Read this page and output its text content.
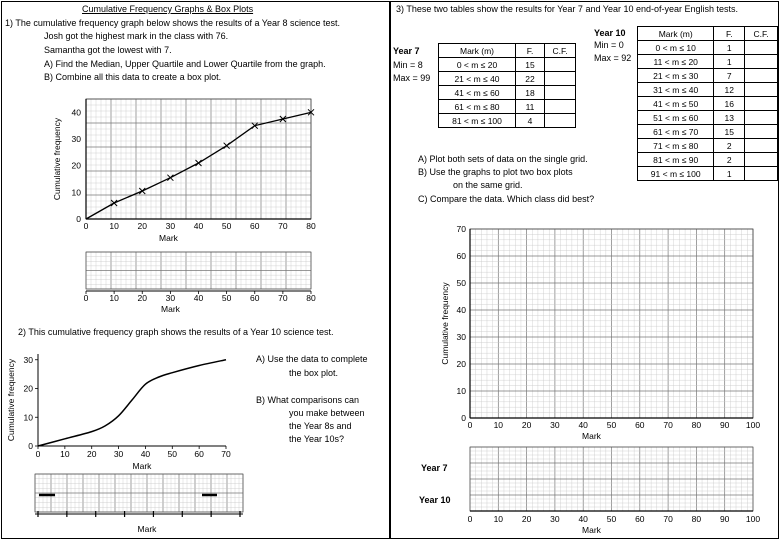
Cumulative Frequency Graphs & Box Plots
1) The cumulative frequency graph below shows the results of a Year 8 science test.
Josh got the highest mark in the class with 76.
Samantha got the lowest with 7.
A) Find the Median, Upper Quartile and Lower Quartile from the graph.
B) Combine all this data to create a box plot.
0 10 20 30 40 50 60 70 80
0
10
20
30
40
Mark
Cumulative frequency
0 10 20 30 40 50 60 70 80
Mark
0 10 20 30 40 50 60 70
0
10
20
30
Mark
Cumulative frequency
Mark
2) This cumulative frequency graph shows the results of a Year 10 science test.
A) Use the data to complete
the box plot.
B) What comparisons can
you make between
the Year 8s and
the Year 10s?
3) These two tables show the results for Year 7 and Year 10 end-of-year English tests.
Year 7
Min = 8
Max = 99
Mark (m)	F.	C.F.
0 < m ≤ 20	15	
21 < m ≤ 40	22	
41 < m ≤ 60	18	
61 < m ≤ 80	11	
81 < m ≤ 100	4	
Year 10
Min = 0
Max = 92
Mark (m)	F.	C.F.
0 < m ≤ 10	1	
11 < m ≤ 20	1	
21 < m ≤ 30	7	
31 < m ≤ 40	12	
41 < m ≤ 50	16	
51 < m ≤ 60	13	
61 < m ≤ 70	15	
71 < m ≤ 80	2	
81 < m ≤ 90	2	
91 < m ≤ 100	1	
A) Plot both sets of data on the single grid.
B) Use the graphs to plot two box plots
on the same grid.
C) Compare the data. Which class did best?
0 10 20 30 40 50 60 70 80 90 100
0
10
20
30
40
50
60
70
Mark
Cumulative frequency
0 10 20 30 40 50 60 70 80 90 100
Mark
Year 7
Year 10
